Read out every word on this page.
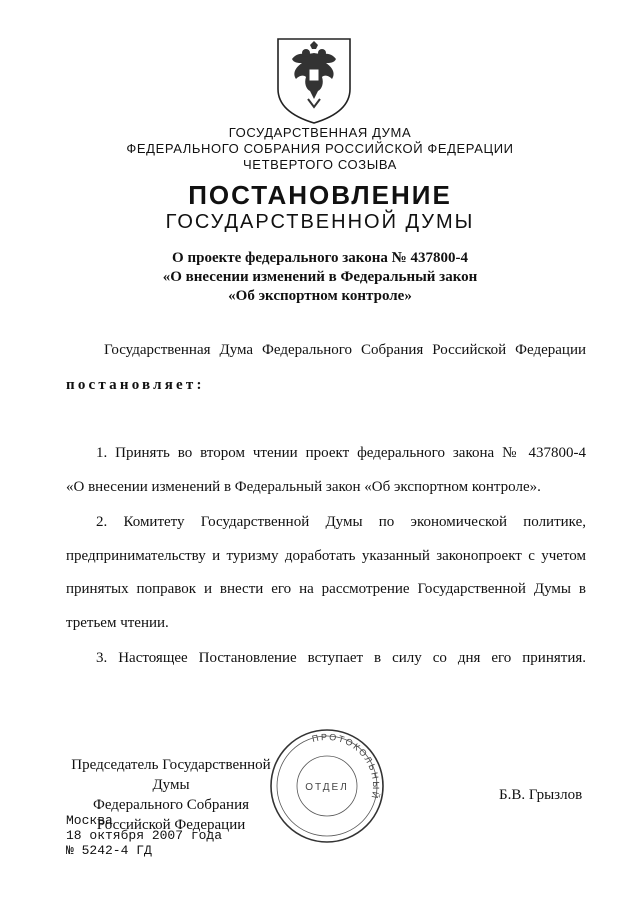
ГОСУДАРСТВЕННАЯ ДУМА
ФЕДЕРАЛЬНОГО СОБРАНИЯ РОССИЙСКОЙ ФЕДЕРАЦИИ
ЧЕТВЕРТОГО СОЗЫВА
ПОСТАНОВЛЕНИЕ
ГОСУДАРСТВЕННОЙ ДУМЫ
О проекте федерального закона № 437800-4
«О внесении изменений в Федеральный закон
«Об экспортном контроле»
Государственная Дума Федерального Собрания Российской Федерации
постановляет:
1. Принять во втором чтении проект федерального закона № 437800-4
«О внесении изменений в Федеральный закон «Об экспортном контроле».
2. Комитету Государственной Думы по экономической политике,
предпринимательству и туризму доработать указанный законопроект с учетом
принятых поправок и внести его на рассмотрение Государственной Думы в
третьем чтении.
3. Настоящее Постановление вступает в силу со дня его принятия.
Председатель Государственной Думы
Федерального Собрания
Российской Федерации
ПРОТОКОЛЬНЫЙ
ОТДЕЛ	Б.В. Грызлов
Москва
18 октября 2007 года
№ 5242-4 ГД
